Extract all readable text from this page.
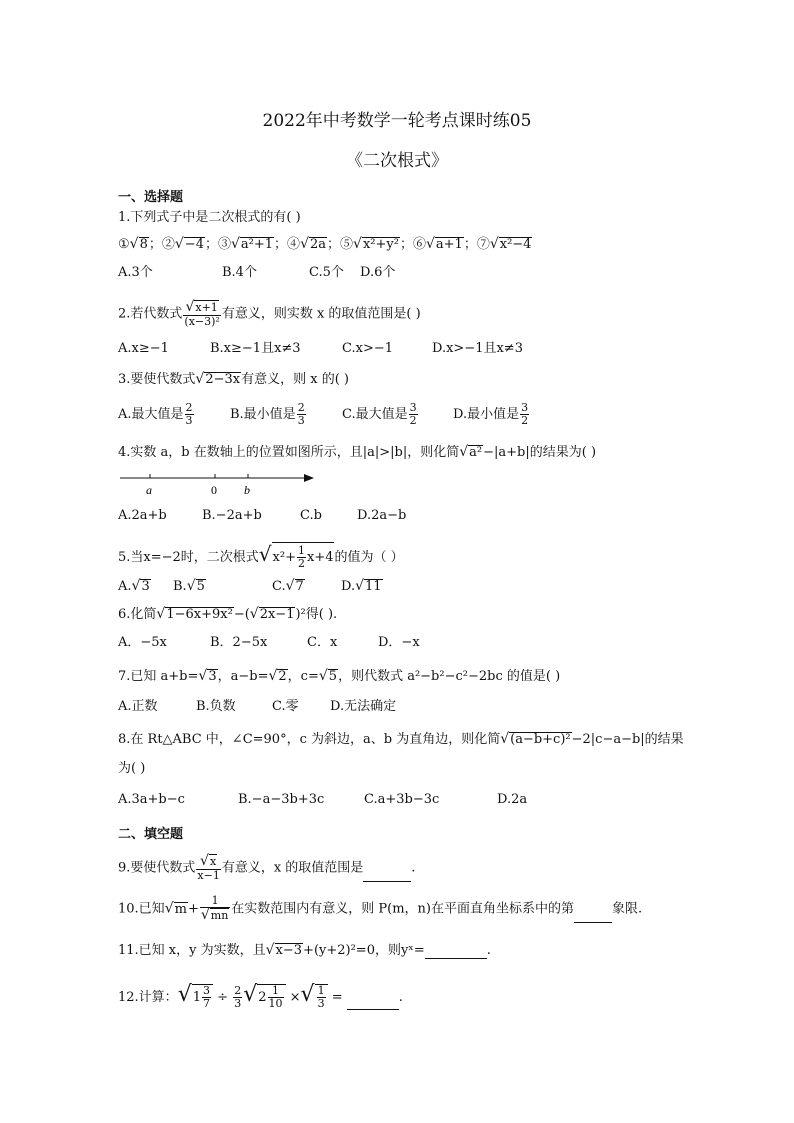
2022年中考数学一轮考点课时练05
《二次根式》
一、选择题
1.下列式子中是二次根式的有( )
①√8；②√−4；③√a²+1；④√2a；⑤√x²+y²；⑥√a+1；⑦√x²−4
A.3个	B.4个	C.5个 D.6个
2.若代数式 $\frac{√x+1}{\text{(x−3)²}}$ 有意义，则实数 x 的取值范围是( )
A.x≥−1	B.x≥−1且x≠3	C.x>−1	D.x>−1且x≠3
3.要使代数式√2−3x有意义，则 x 的( )
A.最大值是 $\frac{2}{3}$	B.最小值是 $\frac{2}{3}$	C.最大值是 $\frac{3}{2}$	D.最小值是 $\frac{3}{2}$
4.实数 a，b 在数轴上的位置如图所示，且|a|>|b|，则化简√a²−|a+b|的结果为( )
a	0 b
A.2a+b	B.−2a+b	C.b	D.2a−b
5.当x=−2时，二次根式$√x^2+ \frac{1}{2} x+4$的值为（ ）
A.√3 B.√5	C.√7	D.√11
6.化简√1−6x+9x²−(√2x−1)²得( ).
A．−5x	B．2−5x	C．x	D．−x
7.已知 a+b=√3，a−b=√2，c=√5，则代数式 a²−b²−c²−2bc 的值是( )
A.正数	B.负数	C.零 D.无法确定
8.在 Rt△ABC 中，∠C=90°，c 为斜边，a、b 为直角边，则化简√(a−b+c)²−2|c−a−b|的结果
为( )
A.3a+b−c	B.−a−3b+3c	C.a+3b−3c	D.2a
二、填空题
9.要使代数式 $\frac{√x}{x-1}$ 有意义，x 的取值范围是	.
10.已知$√m+ \frac{1}{√mn}$ 在实数范围内有意义，则 P(m，n)在平面直角坐标系中的第	象限.
11.已知 x，y 为实数，且√x−3+(y+2)²=0，则yˣ=	.
12.计算：$√1 \frac{3}{7} \div \frac{2}{3} √2 \frac{1}{10}$ ×√ $\frac{1}{3}$ =	.
